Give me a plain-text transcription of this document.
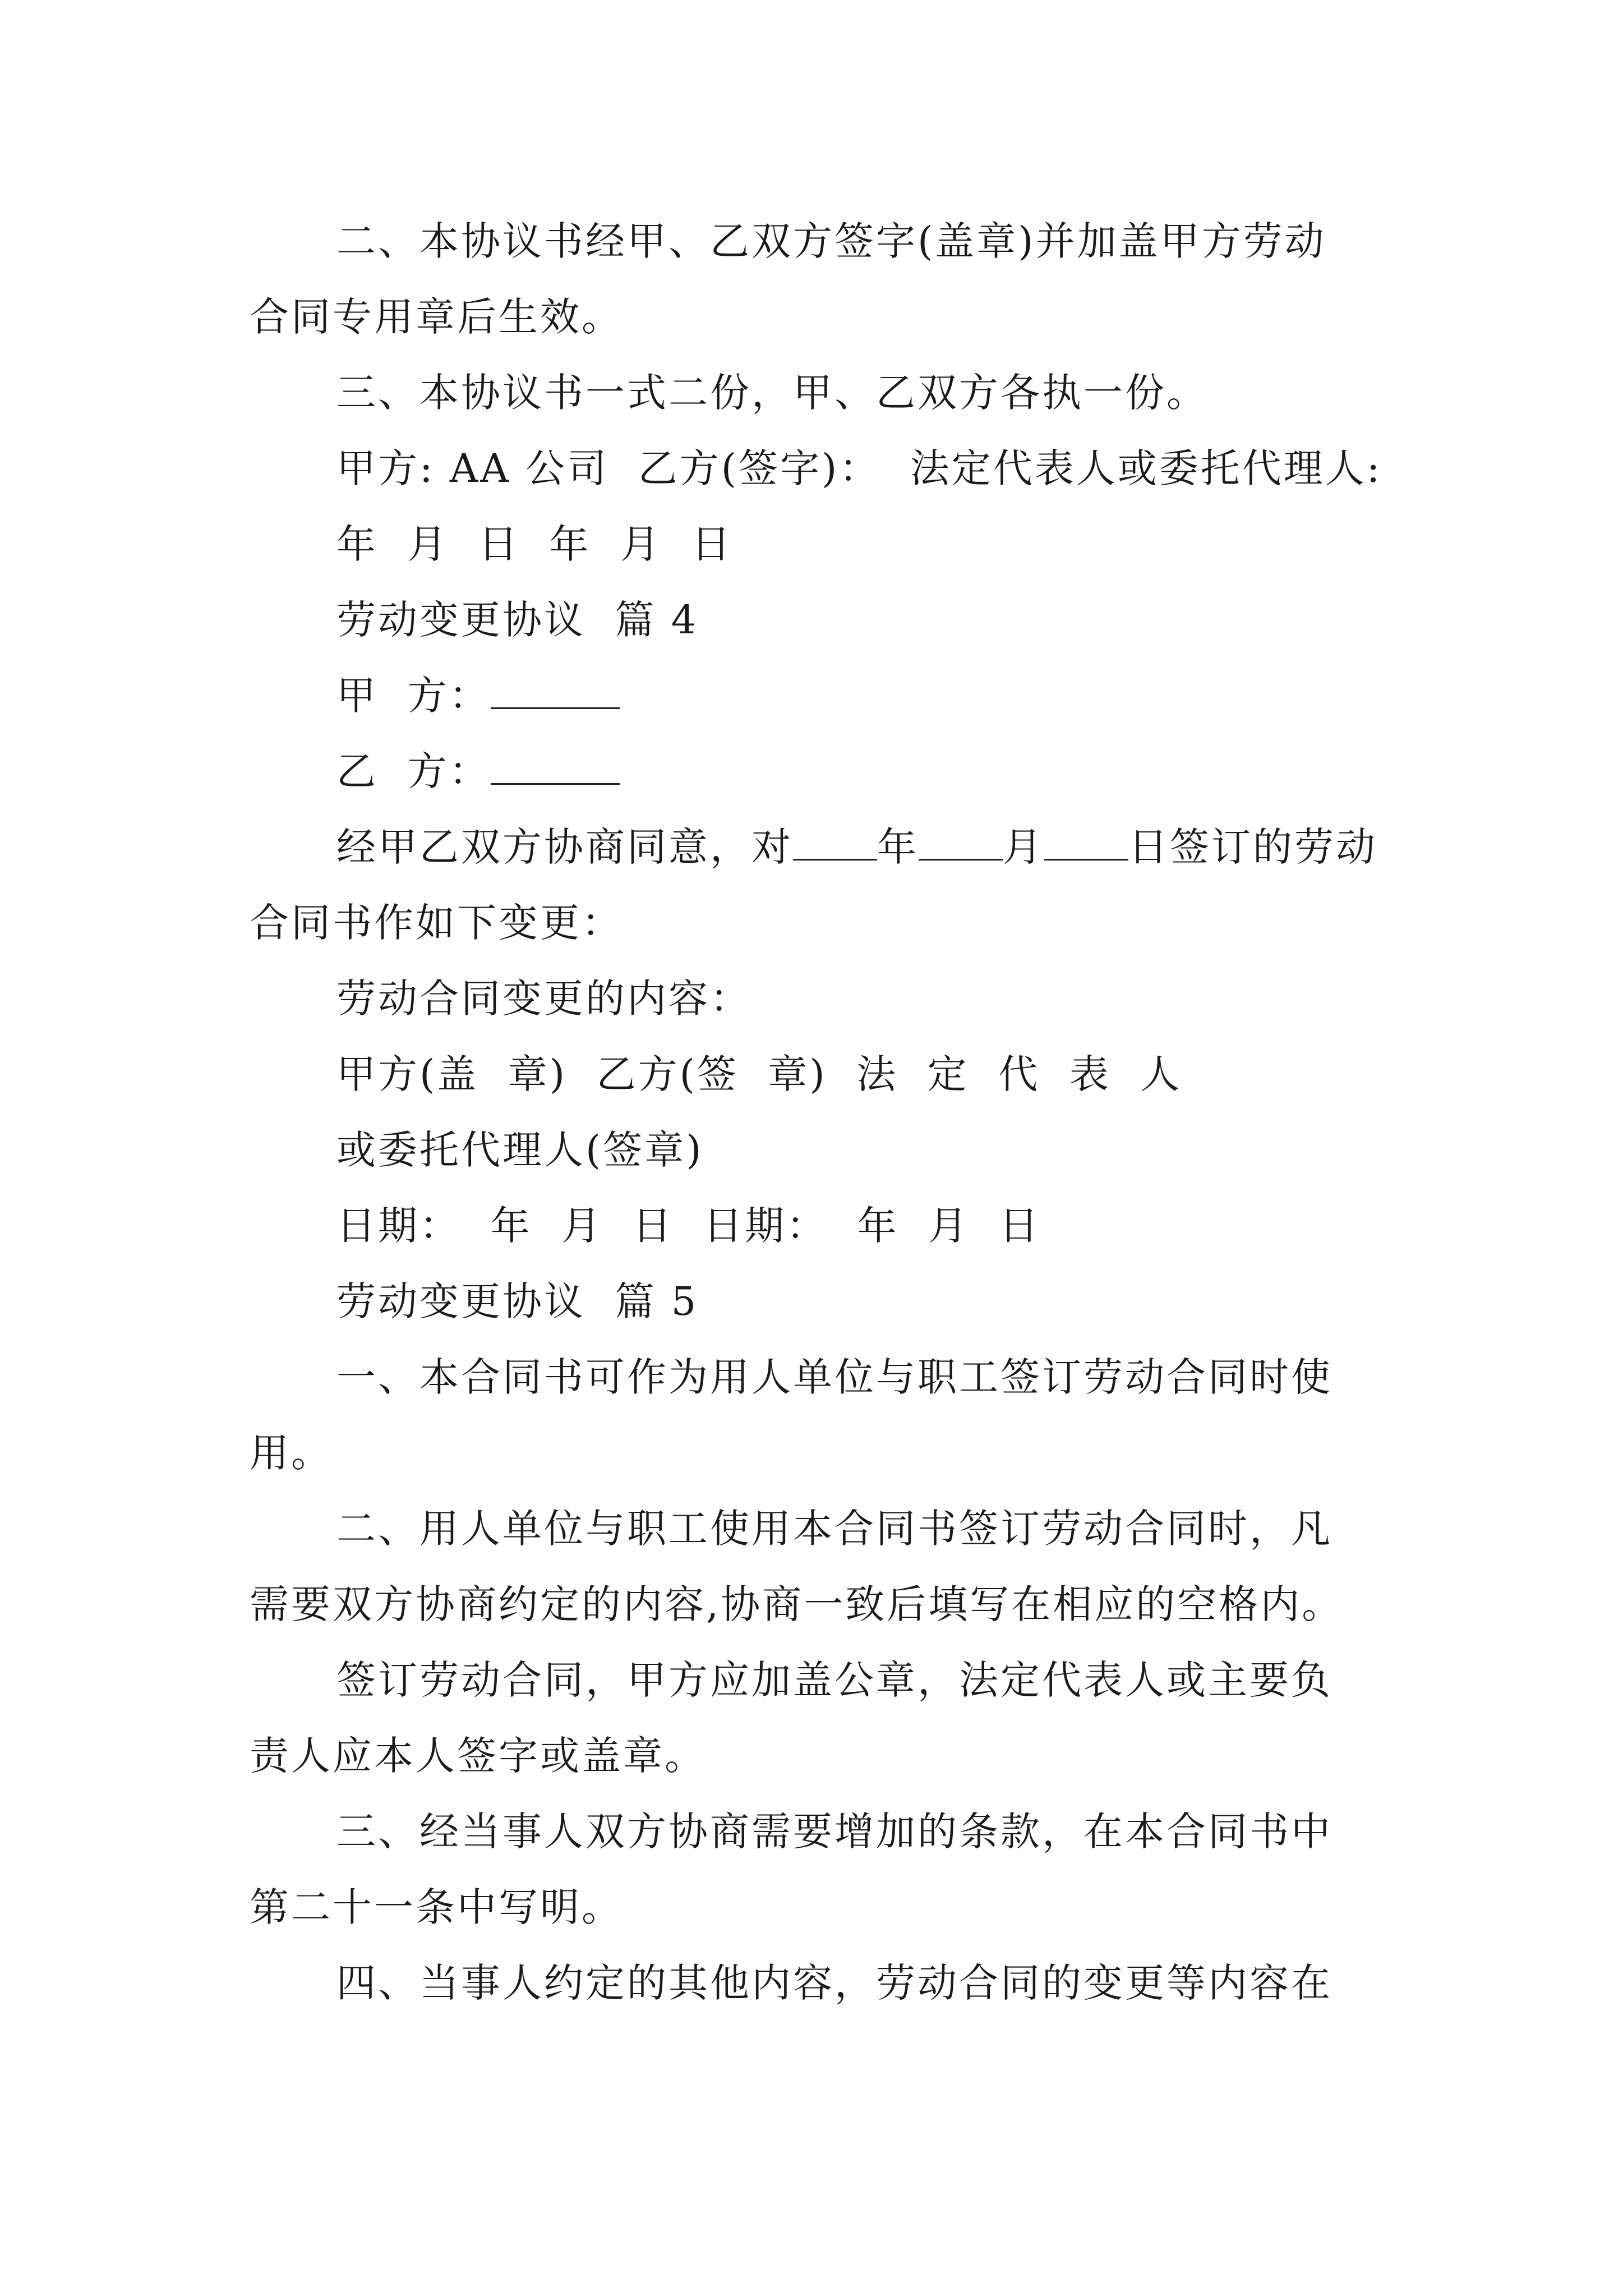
二、本协议书经甲、乙双方签字(盖章)并加盖甲方劳动
合同专用章后生效。
三、本协议书一式二份，甲、乙双方各执一份。
甲方: AA 公司  乙方(签字)：  法定代表人或委托代理人:
年  月  日  年  月  日
劳动变更协议  篇 4
甲  方：
乙  方：
经甲乙双方协商同意，对 年 月 日签订的劳动
合同书作如下变更：
劳动合同变更的内容：
甲方(盖  章)  乙方(签  章)  法  定  代  表  人
或委托代理人(签章)
日期：  年  月  日  日期：  年  月  日
劳动变更协议  篇 5
一、本合同书可作为用人单位与职工签订劳动合同时使
用。
二、用人单位与职工使用本合同书签订劳动合同时，凡
需要双方协商约定的内容,协商一致后填写在相应的空格内。
签订劳动合同，甲方应加盖公章，法定代表人或主要负
责人应本人签字或盖章。
三、经当事人双方协商需要增加的条款，在本合同书中
第二十一条中写明。
四、当事人约定的其他内容，劳动合同的变更等内容在
